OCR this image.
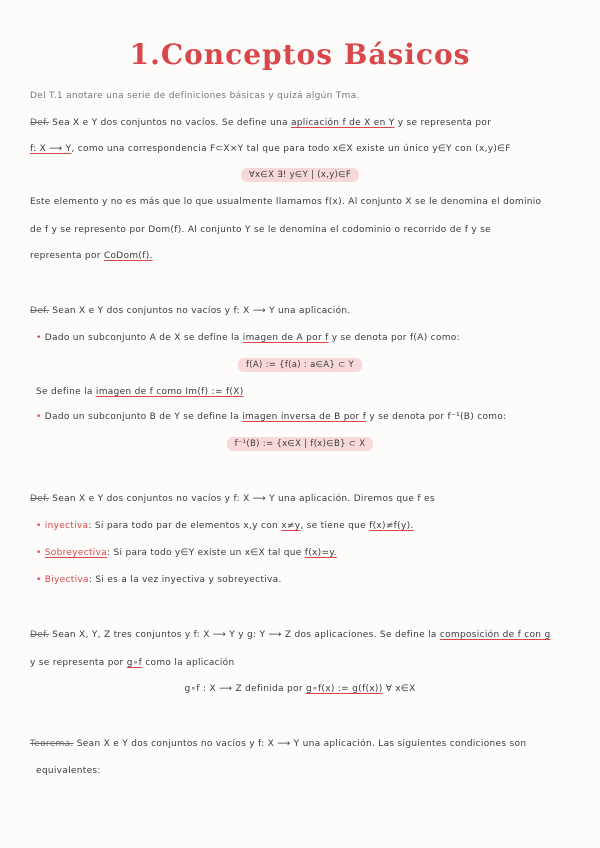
1.Conceptos Básicos
Del T.1 anotare una serie de definiciones básicas y quizá algún Tma.
Def. Sea X e Y dos conjuntos no vacíos. Se define una aplicación f de X en Y y se representa por
f: X ⟶ Y, como una correspondencia F⊂X×Y tal que para todo x∈X existe un único y∈Y con (x,y)∈F
∀x∈X ∃! y∈Y | (x,y)∈F
Este elemento y no es más que lo que usualmente llamamos f(x). Al conjunto X se le denomina el dominio
de f y se represento por Dom(f). Al conjunto Y se le denomina el codominio o recorrido de f y se
representa por CoDom(f).
Def. Sean X e Y dos conjuntos no vacíos y f: X ⟶ Y una aplicación.
• Dado un subconjunto A de X se define la imagen de A por f y se denota por f(A) como:
f(A) := {f(a) : a∈A} ⊂ Y
Se define la imagen de f como Im(f) := f(X)
• Dado un subconjunto B de Y se define la imagen inversa de B por f y se denota por f⁻¹(B) como:
f⁻¹(B) := {x∈X | f(x)∈B} ⊂ X
Def. Sean X e Y dos conjuntos no vacíos y f: X ⟶ Y una aplicación. Diremos que f es
• inyectiva: Si para todo par de elementos x,y con x≠y, se tiene que f(x)≠f(y).
• Sobreyectiva: Si para todo y∈Y existe un x∈X tal que f(x)=y.
• Biyectiva: Si es a la vez inyectiva y sobreyectiva.
Def. Sean X, Y, Z tres conjuntos y f: X ⟶ Y y g: Y ⟶ Z dos aplicaciones. Se define la composición de f con g
y se representa por g∘f como la aplicación
g∘f : X ⟶ Z definida por g∘f(x) := g(f(x)) ∀ x∈X
Teorema. Sean X e Y dos conjuntos no vacíos y f: X ⟶ Y una aplicación. Las siguientes condiciones son
equivalentes:
